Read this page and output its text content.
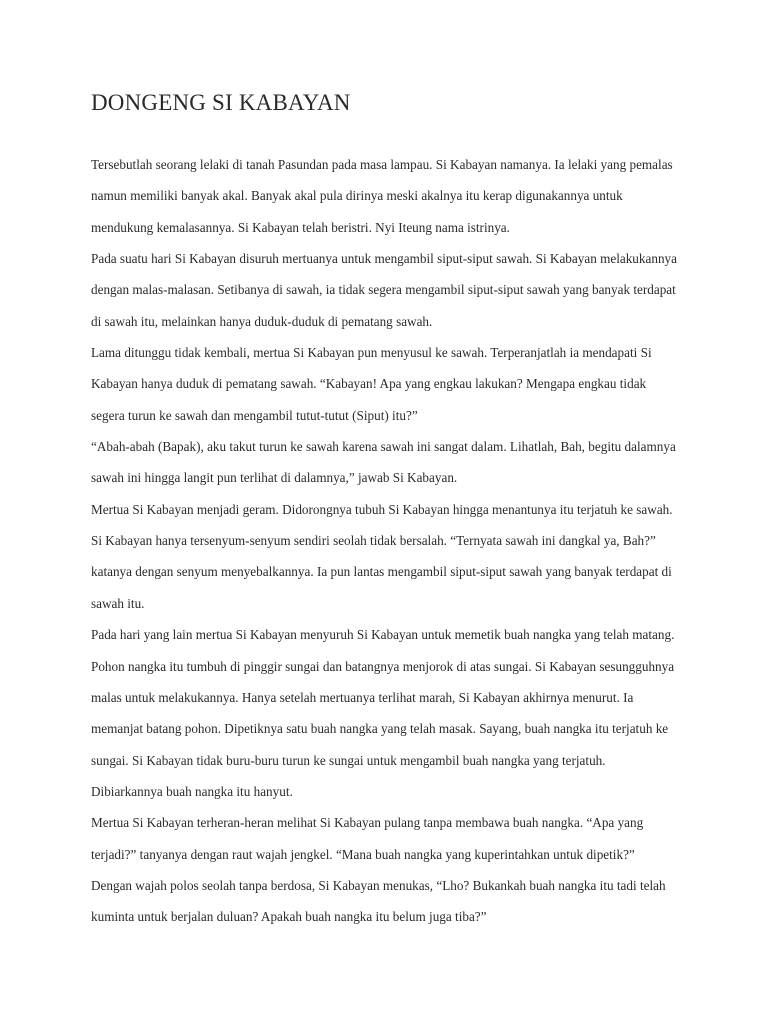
DONGENG SI KABAYAN

Tersebutlah seorang lelaki di tanah Pasundan pada masa lampau. Si Kabayan namanya. Ia lelaki yang pemalas
namun memiliki banyak akal. Banyak akal pula dirinya meski akalnya itu kerap digunakannya untuk
mendukung kemalasannya. Si Kabayan telah beristri. Nyi Iteung nama istrinya.

Pada suatu hari Si Kabayan disuruh mertuanya untuk mengambil siput-siput sawah. Si Kabayan melakukannya
dengan malas-malasan. Setibanya di sawah, ia tidak segera mengambil siput-siput sawah yang banyak terdapat
di sawah itu, melainkan hanya duduk-duduk di pematang sawah.

Lama ditunggu tidak kembali, mertua Si Kabayan pun menyusul ke sawah. Terperanjatlah ia mendapati Si
Kabayan hanya duduk di pematang sawah. “Kabayan! Apa yang engkau lakukan? Mengapa engkau tidak
segera turun ke sawah dan mengambil tutut-tutut (Siput) itu?”

“Abah-abah (Bapak), aku takut turun ke sawah karena sawah ini sangat dalam. Lihatlah, Bah, begitu dalamnya
sawah ini hingga langit pun terlihat di dalamnya,” jawab Si Kabayan.

Mertua Si Kabayan menjadi geram. Didorongnya tubuh Si Kabayan hingga menantunya itu terjatuh ke sawah.
Si Kabayan hanya tersenyum-senyum sendiri seolah tidak bersalah. “Ternyata sawah ini dangkal ya, Bah?”
katanya dengan senyum menyebalkannya. Ia pun lantas mengambil siput-siput sawah yang banyak terdapat di
sawah itu.

Pada hari yang lain mertua Si Kabayan menyuruh Si Kabayan untuk memetik buah nangka yang telah matang.
Pohon nangka itu tumbuh di pinggir sungai dan batangnya menjorok di atas sungai. Si Kabayan sesungguhnya
malas untuk melakukannya. Hanya setelah mertuanya terlihat marah, Si Kabayan akhirnya menurut. Ia
memanjat batang pohon. Dipetiknya satu buah nangka yang telah masak. Sayang, buah nangka itu terjatuh ke
sungai. Si Kabayan tidak buru-buru turun ke sungai untuk mengambil buah nangka yang terjatuh.
Dibiarkannya buah nangka itu hanyut.

Mertua Si Kabayan terheran-heran melihat Si Kabayan pulang tanpa membawa buah nangka. “Apa yang
terjadi?” tanyanya dengan raut wajah jengkel. “Mana buah nangka yang kuperintahkan untuk dipetik?”

Dengan wajah polos seolah tanpa berdosa, Si Kabayan menukas, “Lho? Bukankah buah nangka itu tadi telah
kuminta untuk berjalan duluan? Apakah buah nangka itu belum juga tiba?”
